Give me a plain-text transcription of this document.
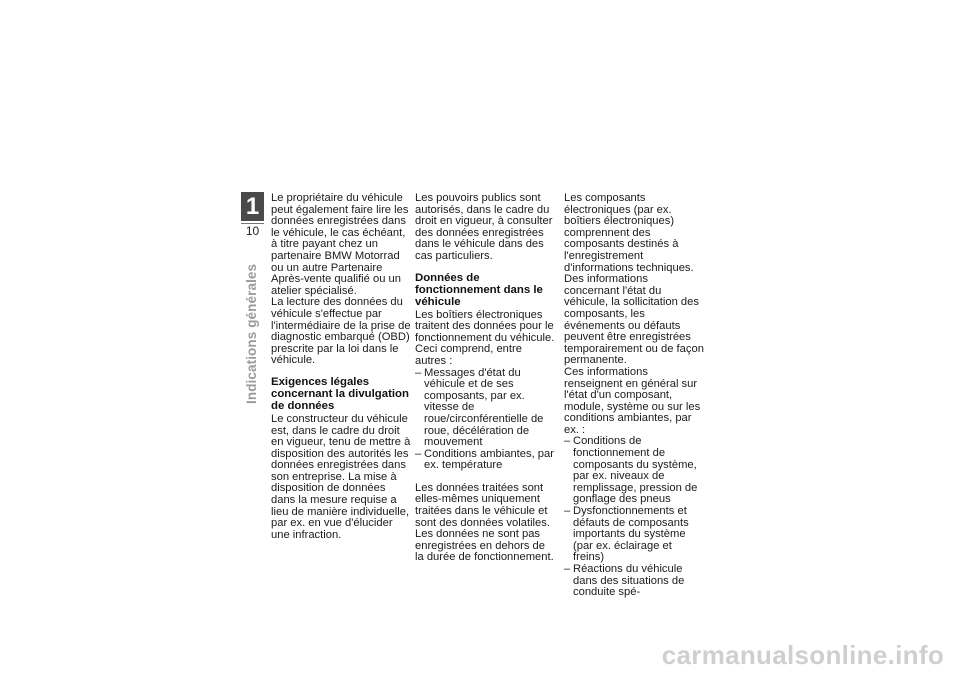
1
10
Indications générales

Le propriétaire du véhicule peut également faire lire les données enregistrées dans le véhicule, le cas échéant, à titre payant chez un partenaire BMW Motorrad ou un autre Partenaire Après-vente qualifié ou un atelier spécialisé.

La lecture des données du véhicule s'effectue par l'intermédiaire de la prise de diagnostic embarqué (OBD) prescrite par la loi dans le véhicule.

Exigences légales concernant la divulgation de données

Le constructeur du véhicule est, dans le cadre du droit en vigueur, tenu de mettre à disposition des autorités les données enregistrées dans son entreprise. La mise à disposition de données dans la mesure requise a lieu de manière individuelle, par ex. en vue d'élucider une infraction.

Les pouvoirs publics sont autorisés, dans le cadre du droit en vigueur, à consulter des données enregistrées dans le véhicule dans des cas particuliers.

Données de fonctionnement dans le véhicule

Les boîtiers électroniques traitent des données pour le fonctionnement du véhicule.

Ceci comprend, entre autres :

– Messages d'état du véhicule et de ses composants, par ex. vitesse de roue/circonférentielle de roue, décélération de mouvement
– Conditions ambiantes, par ex. température

Les données traitées sont elles-mêmes uniquement traitées dans le véhicule et sont des données volatiles. Les données ne sont pas enregistrées en dehors de la durée de fonctionnement.

Les composants électroniques (par ex. boîtiers électroniques) comprennent des composants destinés à l'enregistrement d'informations techniques. Des informations concernant l'état du véhicule, la sollicitation des composants, les événements ou défauts peuvent être enregistrées temporairement ou de façon permanente.

Ces informations renseignent en général sur l'état d'un composant, module, système ou sur les conditions ambiantes, par ex. :

– Conditions de fonctionnement de composants du système, par ex. niveaux de remplissage, pression de gonflage des pneus
– Dysfonctionnements et défauts de composants importants du système (par ex. éclairage et freins)
– Réactions du véhicule dans des situations de conduite spé-
carmanualsonline.info
